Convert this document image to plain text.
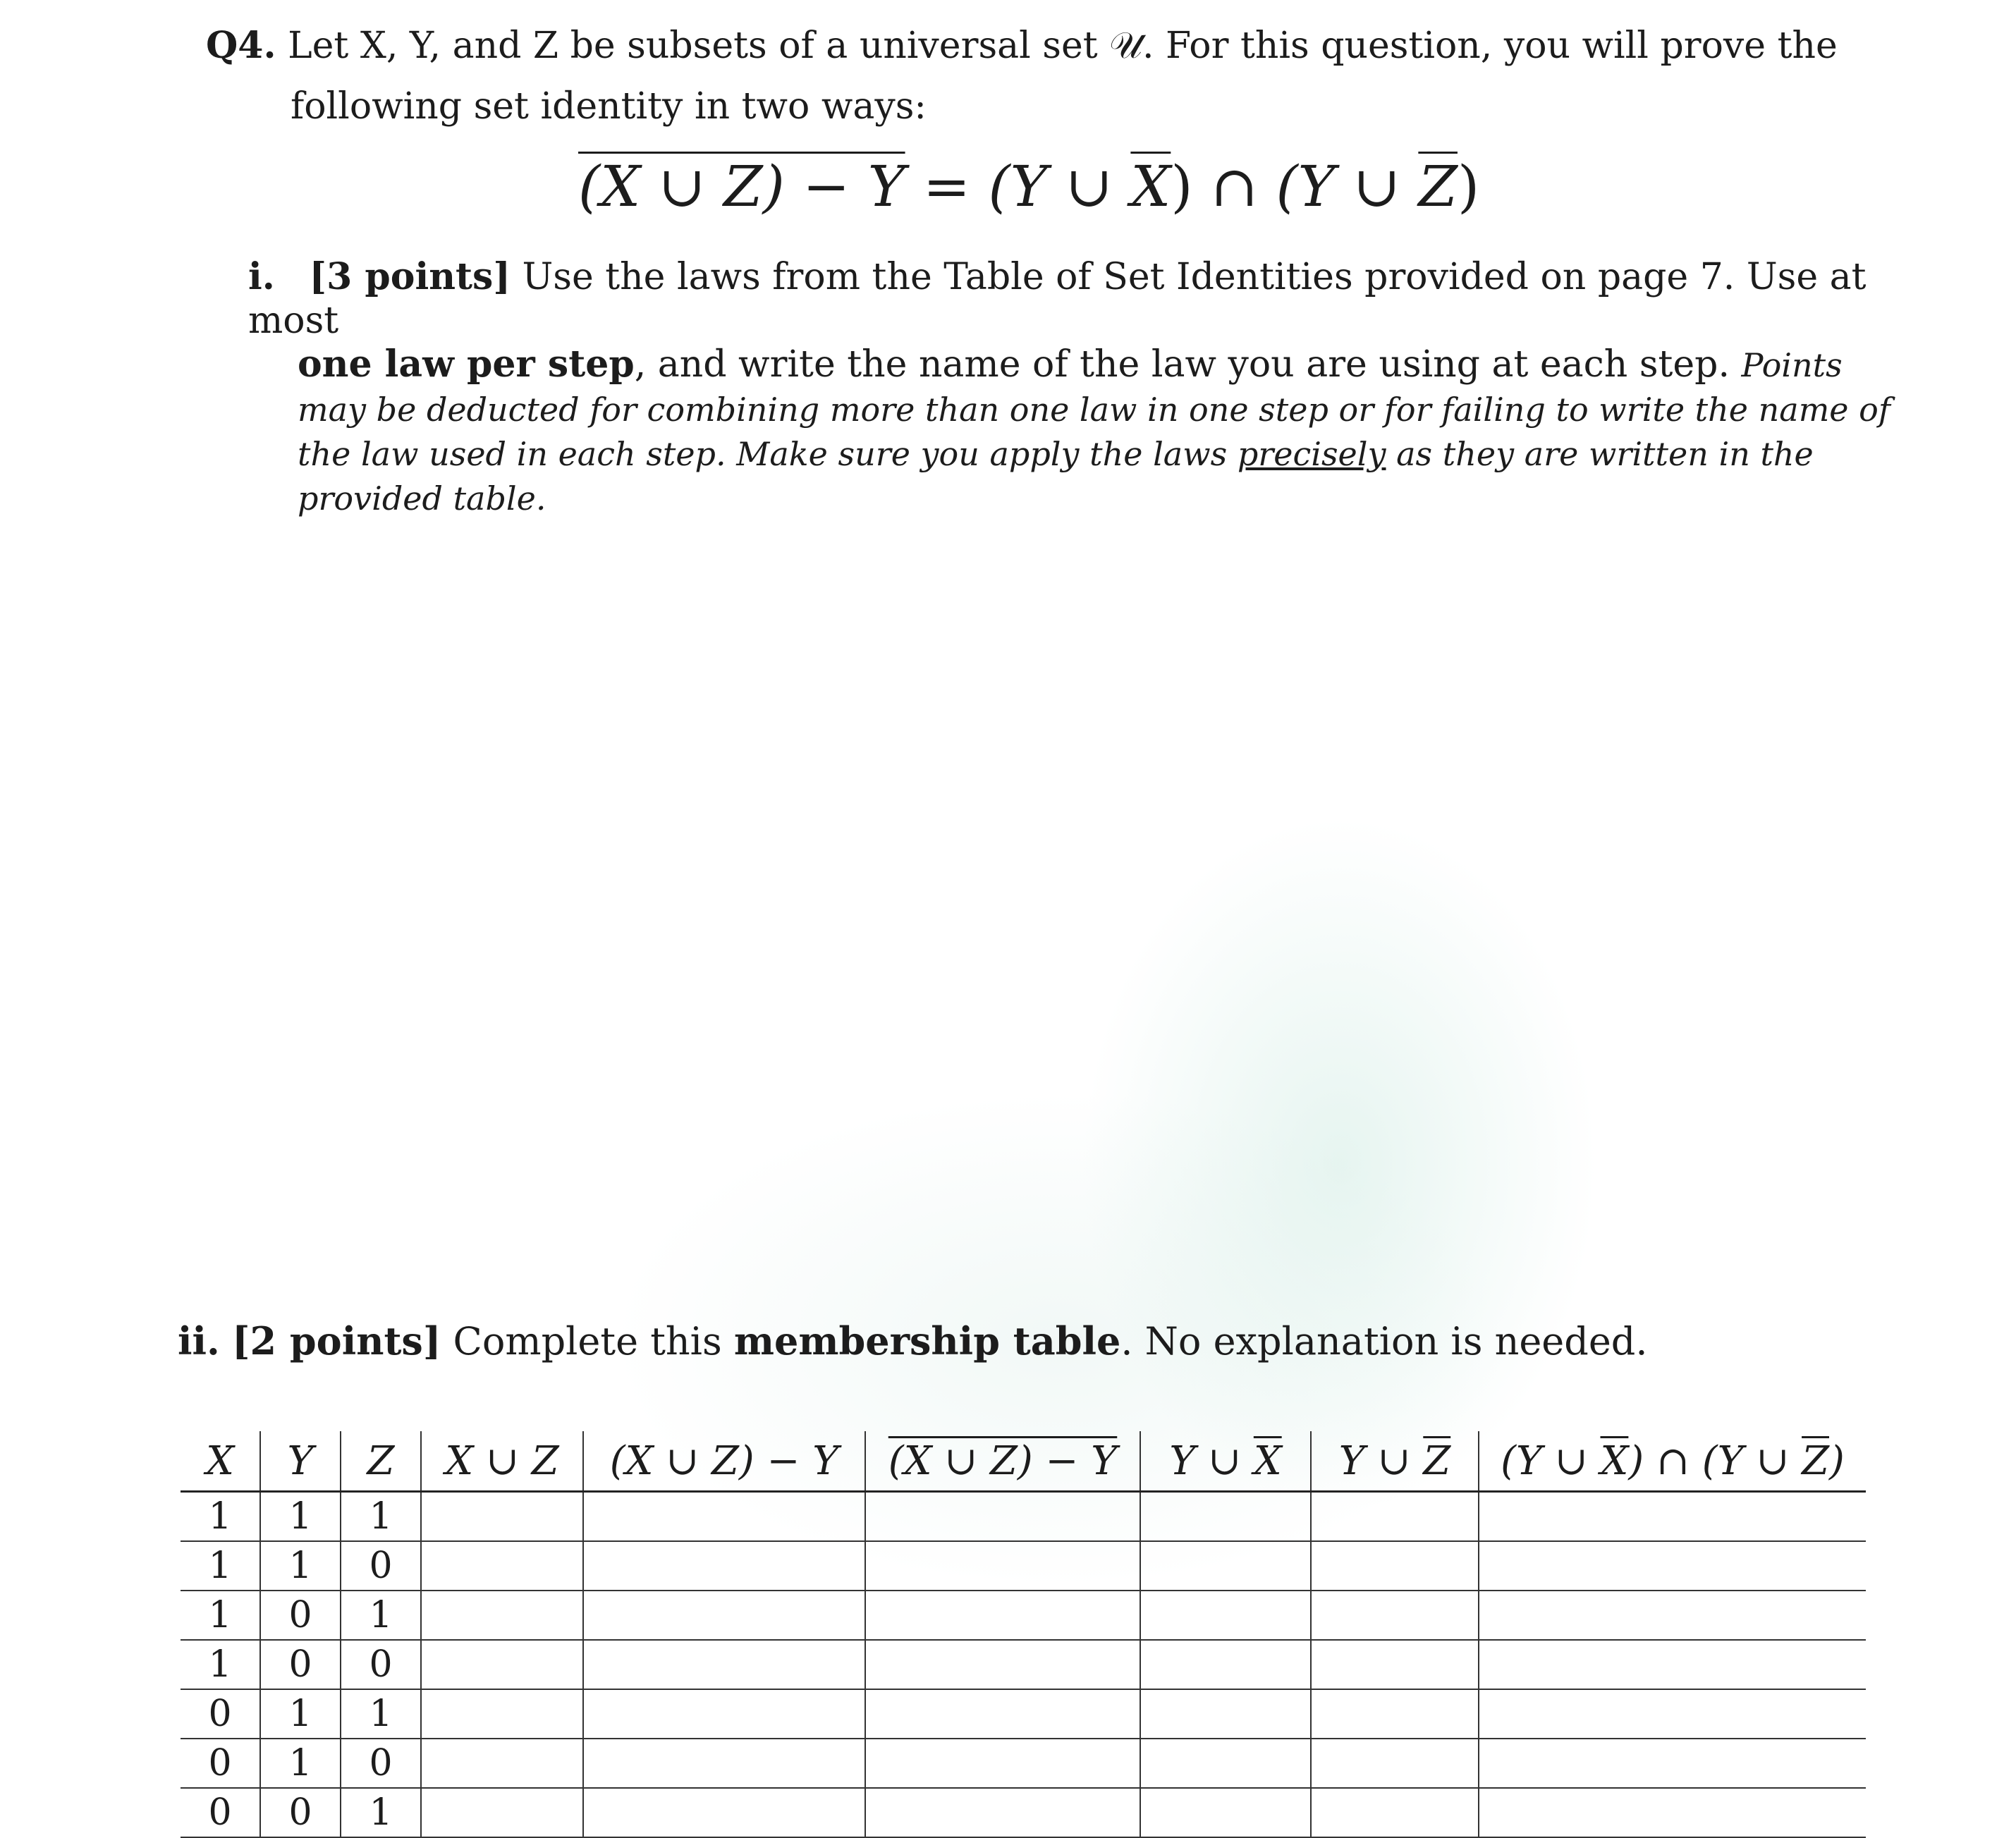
Q4. Let X, Y, and Z be subsets of a universal set 𝒰. For this question, you will prove the
following set identity in two ways:
(X ∪ Z) − Y = (Y ∪ $\overline{X}$) ∩ (Y ∪ $\overline{Z}$)
i. [3 points] Use the laws from the Table of Set Identities provided on page 7. Use at most
one law per step, and write the name of the law you are using at each step. Points may be deducted for combining more than one law in one step or for failing to write the name of the law used in each step. Make sure you apply the laws precisely as they are written in the provided table.
ii. [2 points] Complete this membership table. No explanation is needed.
X	Y	Z	X ∪ Z	(X ∪ Z) − Y	(X ∪ Z) − Y	Y ∪ $\overline{X}$	Y ∪ $\overline{Z}$	(Y ∪ $\overline{X}$) ∩ (Y ∪ $\overline{Z}$)
1	1	1						
1	1	0						
1	0	1						
1	0	0						
0	1	1						
0	1	0						
0	0	1						
